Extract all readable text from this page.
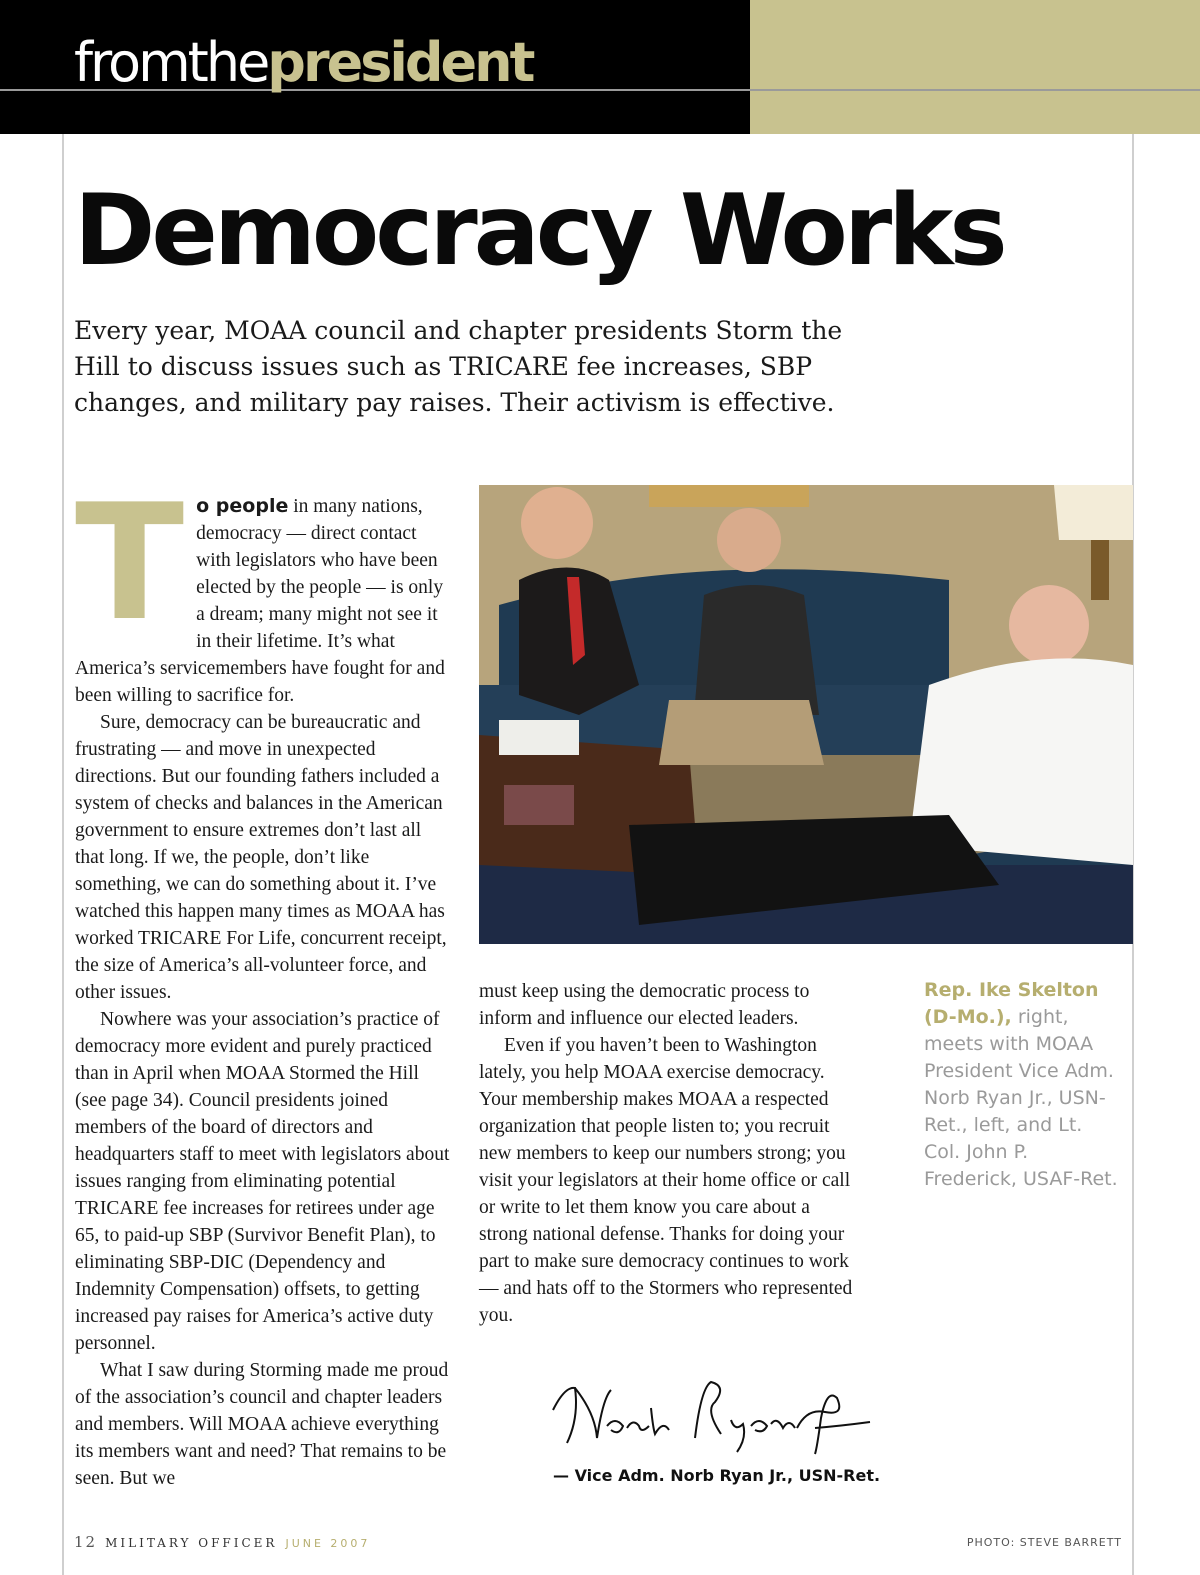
fromthepresident
Democracy Works

Every year, MOAA council and chapter presidents Storm the Hill to discuss issues such as TRICARE fee increases, SBP changes, and military pay raises. Their activism is effective.

To people in many nations, democracy — direct contact with legislators who have been elected by the people — is only a dream; many might not see it in their lifetime. It’s what America’s servicemembers have fought for and been willing to sacrifice for.

Sure, democracy can be bureaucratic and frustrating — and move in unexpected directions. But our founding fathers included a system of checks and balances in the American government to ensure extremes don’t last all that long. If we, the people, don’t like something, we can do something about it. I’ve watched this happen many times as MOAA has worked TRICARE For Life, concurrent receipt, the size of America’s all-volunteer force, and other issues.

Nowhere was your association’s practice of democracy more evident and purely practiced than in April when MOAA Stormed the Hill (see page 34). Council presidents joined members of the board of directors and headquarters staff to meet with legislators about issues ranging from eliminating potential TRICARE fee increases for retirees under age 65, to paid-up SBP (Survivor Benefit Plan), to eliminating SBP-DIC (Dependency and Indemnity Compensation) offsets, to getting increased pay raises for America’s active duty personnel.

What I saw during Storming made me proud of the association’s council and chapter leaders and members. Will MOAA achieve everything its members want and need? That remains to be seen. But we

must keep using the democratic process to inform and influence our elected leaders.

Even if you haven’t been to Washington lately, you help MOAA exercise democracy. Your membership makes MOAA a respected organization that people listen to; you recruit new members to keep our numbers strong; you visit your legislators at their home office or call or write to let them know you care about a strong national defense. Thanks for doing your part to make sure democracy continues to work — and hats off to the Stormers who represented you.

Rep. Ike Skelton (D-Mo.), right, meets with MOAA President Vice Adm. Norb Ryan Jr., USN-Ret., left, and Lt. Col. John P. Frederick, USAF-Ret.

— Vice Adm. Norb Ryan Jr., USN-Ret.
12 MILITARY OFFICER JUNE 2007	PHOTO: STEVE BARRETT
